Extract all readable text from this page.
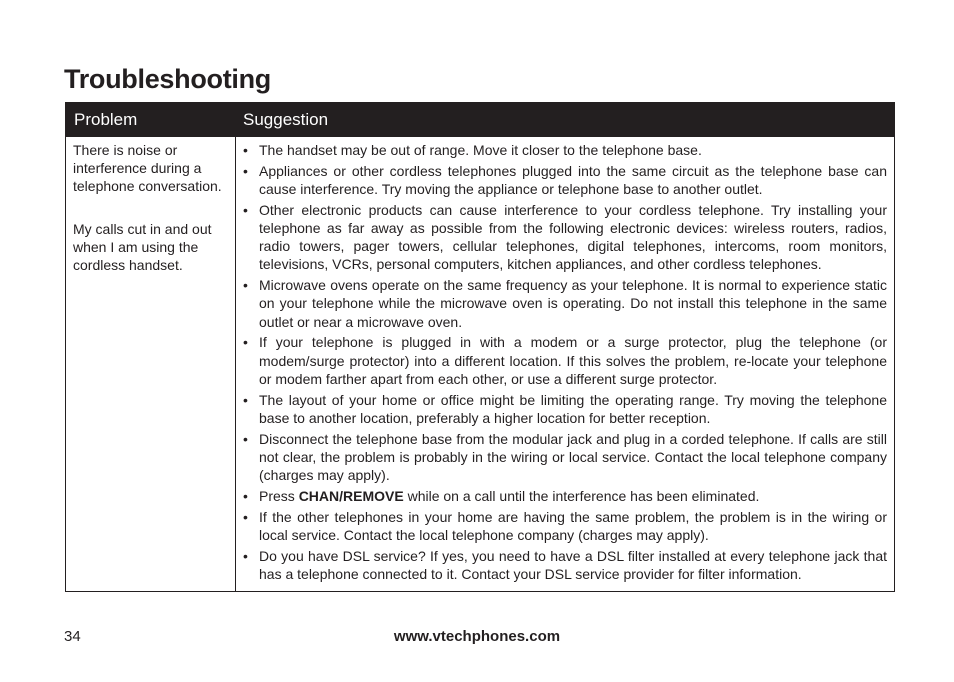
Troubleshooting
Problem	Suggestion

There is noise or interference during a telephone conversation.

My calls cut in and out when I am using the cordless handset.

• The handset may be out of range. Move it closer to the telephone base.
• Appliances or other cordless telephones plugged into the same circuit as the telephone base can cause interference. Try moving the appliance or telephone base to another outlet.
• Other electronic products can cause interference to your cordless telephone. Try installing your telephone as far away as possible from the following electronic devices: wireless routers, radios, radio towers, pager towers, cellular telephones, digital telephones, intercoms, room monitors, televisions, VCRs, personal computers, kitchen appliances, and other cordless telephones.
• Microwave ovens operate on the same frequency as your telephone. It is normal to experience static on your telephone while the microwave oven is operating. Do not install this telephone in the same outlet or near a microwave oven.
• If your telephone is plugged in with a modem or a surge protector, plug the telephone (or modem/surge protector) into a different location. If this solves the problem, re-locate your telephone or modem farther apart from each other, or use a different surge protector.
• The layout of your home or office might be limiting the operating range. Try moving the telephone base to another location, preferably a higher location for better reception.
• Disconnect the telephone base from the modular jack and plug in a corded telephone. If calls are still not clear, the problem is probably in the wiring or local service. Contact the local telephone company (charges may apply).
• Press CHAN/REMOVE while on a call until the interference has been eliminated.
• If the other telephones in your home are having the same problem, the problem is in the wiring or local service. Contact the local telephone company (charges may apply).
• Do you have DSL service? If yes, you need to have a DSL filter installed at every telephone jack that has a telephone connected to it. Contact your DSL service provider for filter information.
www.vtechphones.com
34
